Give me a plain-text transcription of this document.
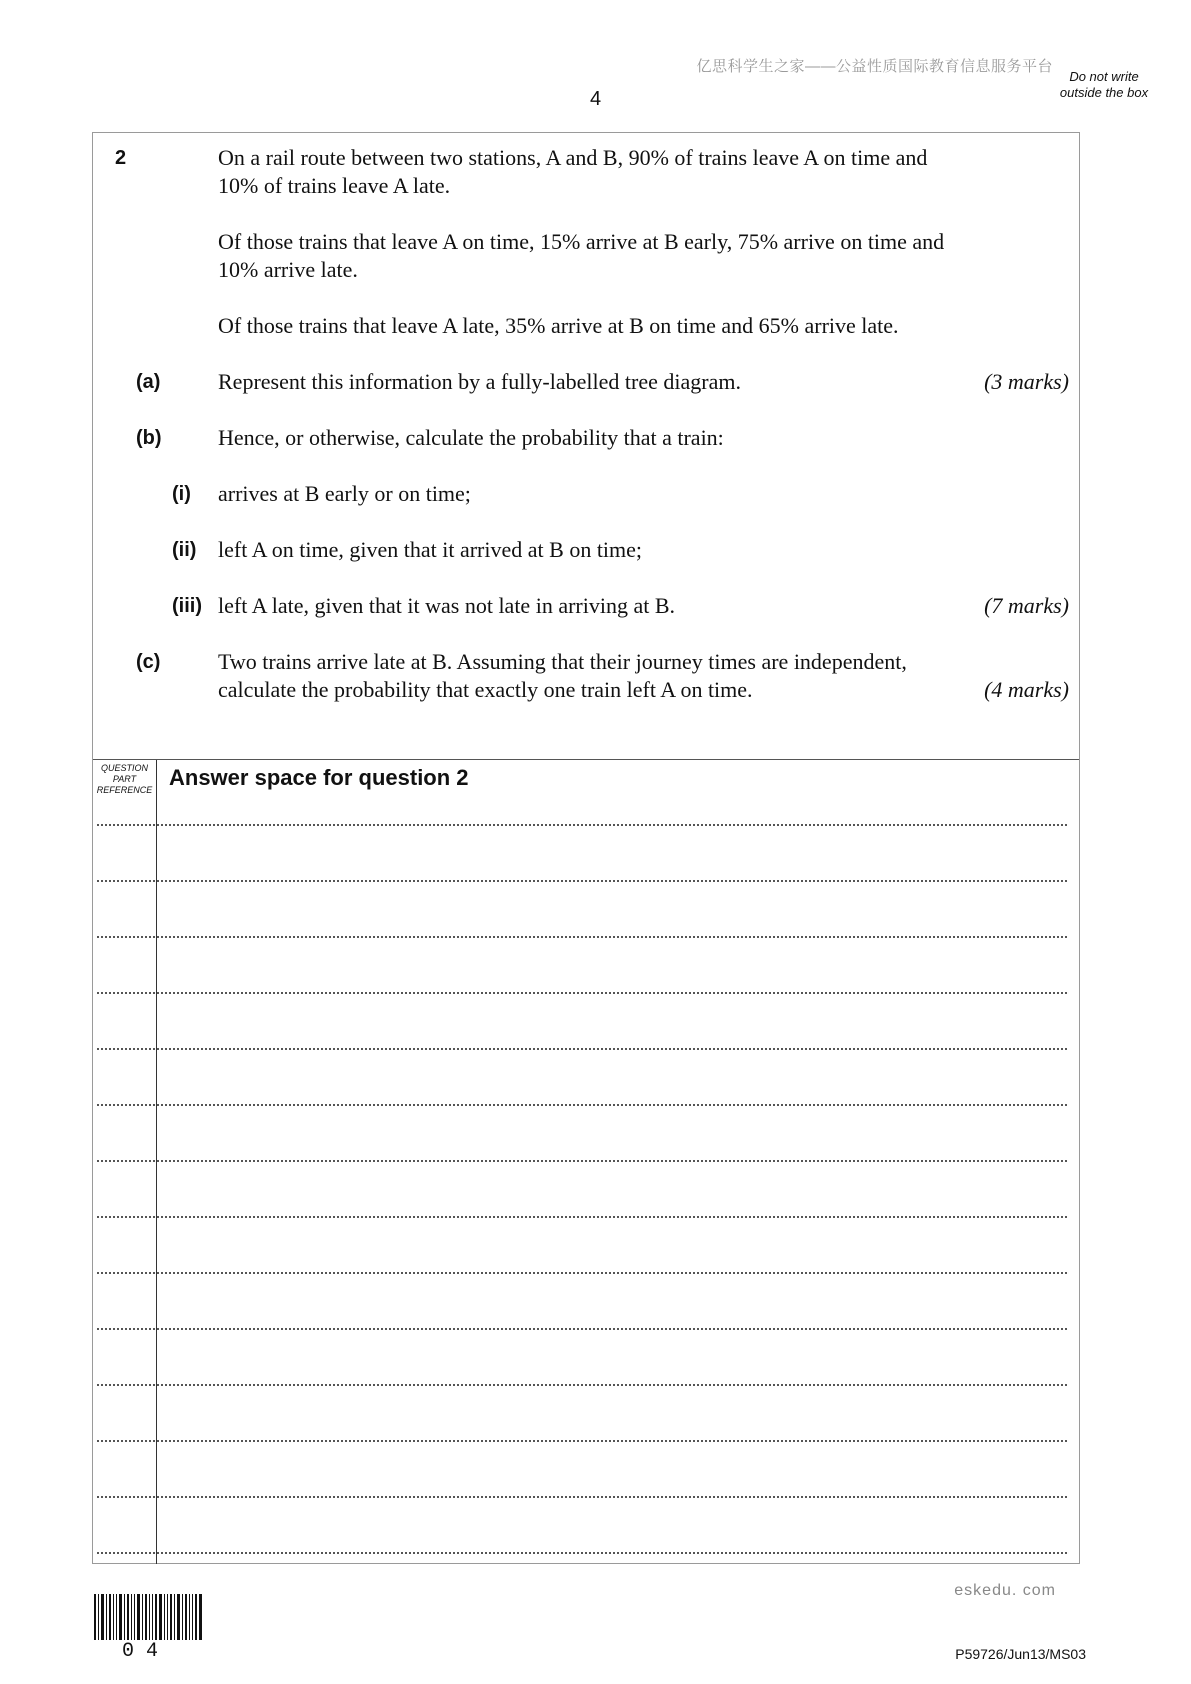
亿思科学生之家——公益性质国际教育信息服务平台
4
Do not write outside the box
2	On a rail route between two stations, A and B, 90% of trains leave A on time and
10% of trains leave A late.
Of those trains that leave A on time, 15% arrive at B early, 75% arrive on time and
10% arrive late.
Of those trains that leave A late, 35% arrive at B on time and 65% arrive late.
(a)	Represent this information by a fully-labelled tree diagram.	(3 marks)
(b)	Hence, or otherwise, calculate the probability that a train:
(i) arrives at B early or on time;
(ii) left A on time, given that it arrived at B on time;
(iii) left A late, given that it was not late in arriving at B.	(7 marks)
(c)	Two trains arrive late at B. Assuming that their journey times are independent,
calculate the probability that exactly one train left A on time.	(4 marks)
QUESTION PART REFERENCE Answer space for question 2
04
eskedu. com
P59726/Jun13/MS03
